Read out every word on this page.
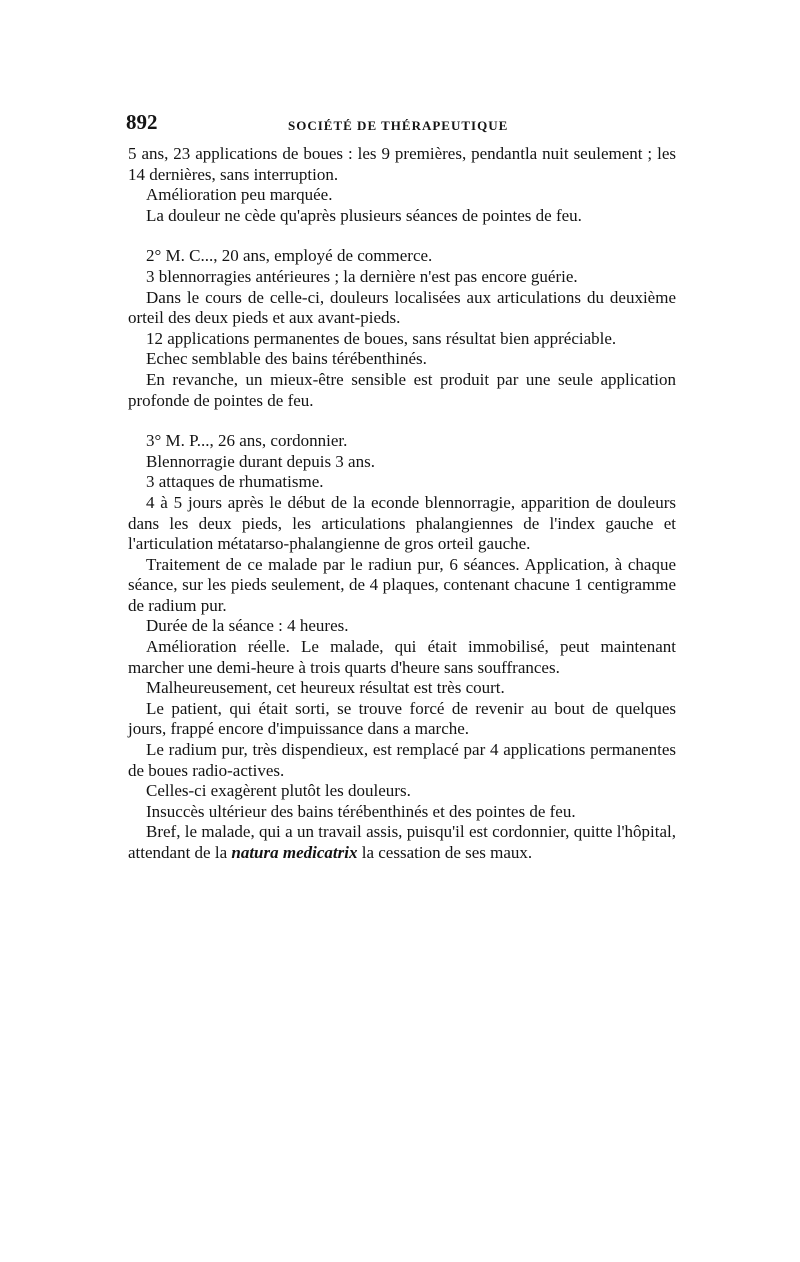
892	SOCIÉTÉ DE THÉRAPEUTIQUE

5 ans, 23 applications de boues : les 9 premières, pendantla nuit seulement ; les 14 dernières, sans interruption.

Amélioration peu marquée.

La douleur ne cède qu'après plusieurs séances de pointes de feu.

2° M. C..., 20 ans, employé de commerce.

3 blennorragies antérieures ; la dernière n'est pas encore guérie.

Dans le cours de celle-ci, douleurs localisées aux articulations du deuxième orteil des deux pieds et aux avant-pieds.

12 applications permanentes de boues, sans résultat bien appréciable.

Echec semblable des bains térébenthinés.

En revanche, un mieux-être sensible est produit par une seule application profonde de pointes de feu.

3° M. P..., 26 ans, cordonnier.

Blennorragie durant depuis 3 ans.

3 attaques de rhumatisme.

4 à 5 jours après le début de la econde blennorragie, apparition de douleurs dans les deux pieds, les articulations phalangiennes de l'index gauche et l'articulation métatarso-phalangienne de gros orteil gauche.

Traitement de ce malade par le radiun pur, 6 séances. Application, à chaque séance, sur les pieds seulement, de 4 plaques, contenant chacune 1 centigramme de radium pur.

Durée de la séance : 4 heures.

Amélioration réelle. Le malade, qui était immobilisé, peut maintenant marcher une demi-heure à trois quarts d'heure sans souffrances.

Malheureusement, cet heureux résultat est très court.

Le patient, qui était sorti, se trouve forcé de revenir au bout de quelques jours, frappé encore d'impuissance dans a marche.

Le radium pur, très dispendieux, est remplacé par 4 applications permanentes de boues radio-actives.

Celles-ci exagèrent plutôt les douleurs.

Insuccès ultérieur des bains térébenthinés et des pointes de feu.

Bref, le malade, qui a un travail assis, puisqu'il est cordonnier, quitte l'hôpital, attendant de la natura medicatrix la cessation de ses maux.
